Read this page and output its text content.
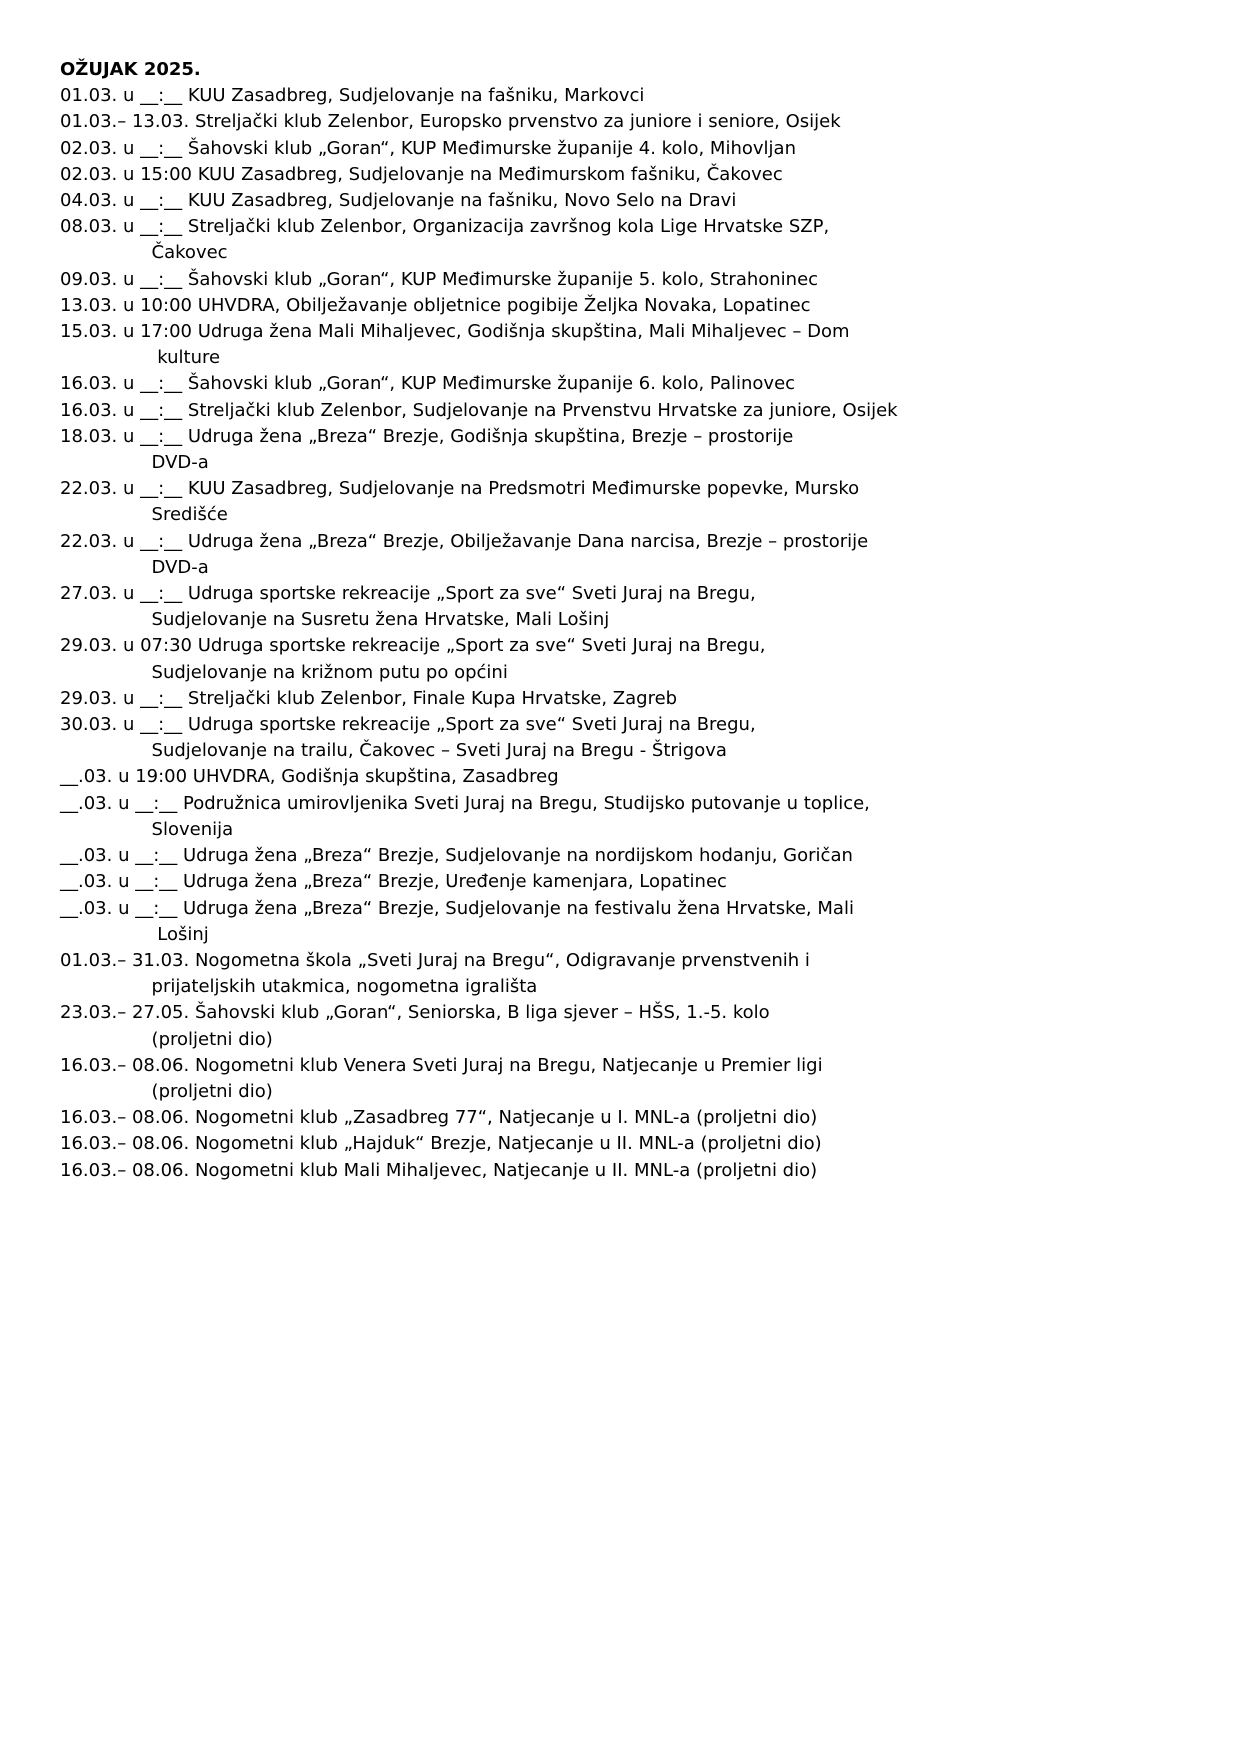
OŽUJAK 2025.
01.03. u __:__ KUU Zasadbreg, Sudjelovanje na fašniku, Markovci
01.03.– 13.03. Streljački klub Zelenbor, Europsko prvenstvo za juniore i seniore, Osijek
02.03. u __:__ Šahovski klub „Goran“, KUP Međimurske županije 4. kolo, Mihovljan
02.03. u 15:00 KUU Zasadbreg, Sudjelovanje na Međimurskom fašniku, Čakovec
04.03. u __:__ KUU Zasadbreg, Sudjelovanje na fašniku, Novo Selo na Dravi
08.03. u __:__ Streljački klub Zelenbor, Organizacija završnog kola Lige Hrvatske SZP,
Čakovec
09.03. u __:__ Šahovski klub „Goran“, KUP Međimurske županije 5. kolo, Strahoninec
13.03. u 10:00 UHVDRA, Obilježavanje obljetnice pogibije Željka Novaka, Lopatinec
15.03. u 17:00 Udruga žena Mali Mihaljevec, Godišnja skupština, Mali Mihaljevec – Dom
kulture
16.03. u __:__ Šahovski klub „Goran“, KUP Međimurske županije 6. kolo, Palinovec
16.03. u __:__ Streljački klub Zelenbor, Sudjelovanje na Prvenstvu Hrvatske za juniore, Osijek
18.03. u __:__ Udruga žena „Breza“ Brezje, Godišnja skupština, Brezje – prostorije
DVD-a
22.03. u __:__ KUU Zasadbreg, Sudjelovanje na Predsmotri Međimurske popevke, Mursko
Središće
22.03. u __:__ Udruga žena „Breza“ Brezje, Obilježavanje Dana narcisa, Brezje – prostorije
DVD-a
27.03. u __:__ Udruga sportske rekreacije „Sport za sve“ Sveti Juraj na Bregu,
Sudjelovanje na Susretu žena Hrvatske, Mali Lošinj
29.03. u 07:30 Udruga sportske rekreacije „Sport za sve“ Sveti Juraj na Bregu,
Sudjelovanje na križnom putu po općini
29.03. u __:__ Streljački klub Zelenbor, Finale Kupa Hrvatske, Zagreb
30.03. u __:__ Udruga sportske rekreacije „Sport za sve“ Sveti Juraj na Bregu,
Sudjelovanje na trailu, Čakovec – Sveti Juraj na Bregu - Štrigova
__.03. u 19:00 UHVDRA, Godišnja skupština, Zasadbreg
__.03. u __:__ Podružnica umirovljenika Sveti Juraj na Bregu, Studijsko putovanje u toplice,
Slovenija
__.03. u __:__ Udruga žena „Breza“ Brezje, Sudjelovanje na nordijskom hodanju, Goričan
__.03. u __:__ Udruga žena „Breza“ Brezje, Uređenje kamenjara, Lopatinec
__.03. u __:__ Udruga žena „Breza“ Brezje, Sudjelovanje na festivalu žena Hrvatske, Mali
Lošinj
01.03.– 31.03. Nogometna škola „Sveti Juraj na Bregu“, Odigravanje prvenstvenih i
prijateljskih utakmica, nogometna igrališta
23.03.– 27.05. Šahovski klub „Goran“, Seniorska, B liga sjever – HŠS, 1.-5. kolo
(proljetni dio)
16.03.– 08.06. Nogometni klub Venera Sveti Juraj na Bregu, Natjecanje u Premier ligi
(proljetni dio)
16.03.– 08.06. Nogometni klub „Zasadbreg 77“, Natjecanje u I. MNL-a (proljetni dio)
16.03.– 08.06. Nogometni klub „Hajduk“ Brezje, Natjecanje u II. MNL-a (proljetni dio)
16.03.– 08.06. Nogometni klub Mali Mihaljevec, Natjecanje u II. MNL-a (proljetni dio)
